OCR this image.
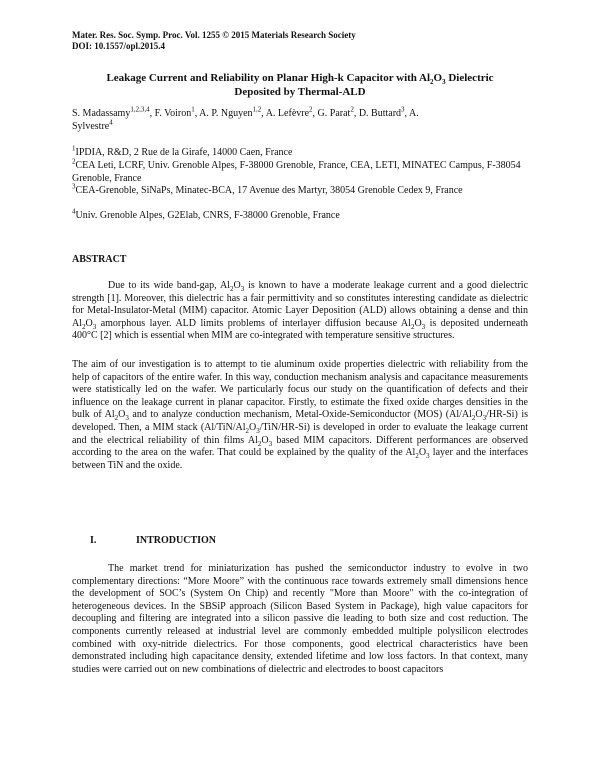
Mater. Res. Soc. Symp. Proc. Vol. 1255 © 2015 Materials Research Society
DOI: 10.1557/opl.2015.4
Leakage Current and Reliability on Planar High-k Capacitor with $Al_2O_3$ Dielectric
Deposited by Thermal-ALD
S. Madassamy$^{1,2,3,4}$, F. Voiron$^1$, A. P. Nguyen$^{1,2}$, A. Lefèvre$^2$, G. Parat$^2$, D. Buttard$^3$, A.
Sylvestre$^4$
$^1$IPDIA, R&D, 2 Rue de la Girafe, 14000 Caen, France
$^2$CEA Leti, LCRF, Univ. Grenoble Alpes, F-38000 Grenoble, France, CEA, LETI, MINATEC Campus, F-38054 Grenoble, France
$^3$CEA-Grenoble, SiNaPs, Minatec-BCA, 17 Avenue des Martyr, 38054 Grenoble Cedex 9, France
$^4$Univ. Grenoble Alpes, G2Elab, CNRS, F-38000 Grenoble, France
ABSTRACT

Due to its wide band-gap, $Al_2O_3$ is known to have a moderate leakage current and a good dielectric strength [1]. Moreover, this dielectric has a fair permittivity and so constitutes interesting candidate as dielectric for Metal-Insulator-Metal (MIM) capacitor. Atomic Layer Deposition (ALD) allows obtaining a dense and thin $Al_2O_3$ amorphous layer. ALD limits problems of interlayer diffusion because $Al_2O_3$ is deposited underneath 400°C [2] which is essential when MIM are co-integrated with temperature sensitive structures.

The aim of our investigation is to attempt to tie aluminum oxide properties dielectric with reliability from the help of capacitors of the entire wafer. In this way, conduction mechanism analysis and capacitance measurements were statistically led on the wafer. We particularly focus our study on the quantification of defects and their influence on the leakage current in planar capacitor. Firstly, to estimate the fixed oxide charges densities in the bulk of $Al_2O_3$ and to analyze conduction mechanism, Metal-Oxide-Semiconductor (MOS) $(Al/Al_2O_3/HR-Si)$ is developed. Then, a MIM stack $(Al/TiN/Al_2O_3/TiN/HR-Si)$ is developed in order to evaluate the leakage current and the electrical reliability of thin films $Al_2O_3$ based MIM capacitors. Different performances are observed according to the area on the wafer. That could be explained by the quality of the $Al_2O_3$ layer and the interfaces between TiN and the oxide.

I.	INTRODUCTION

The market trend for miniaturization has pushed the semiconductor industry to evolve in two complementary directions: “More Moore” with the continuous race towards extremely small dimensions hence the development of SOC’s (System On Chip) and recently "More than Moore" with the co-integration of heterogeneous devices. In the SBSiP approach (Silicon Based System in Package), high value capacitors for decoupling and filtering are integrated into a silicon passive die leading to both size and cost reduction. The components currently released at industrial level are commonly embedded multiple polysilicon electrodes combined with oxy-nitride dielectrics. For those components, good electrical characteristics have been demonstrated including high capacitance density, extended lifetime and low loss factors. In that context, many studies were carried out on new combinations of dielectric and electrodes to boost capacitors
